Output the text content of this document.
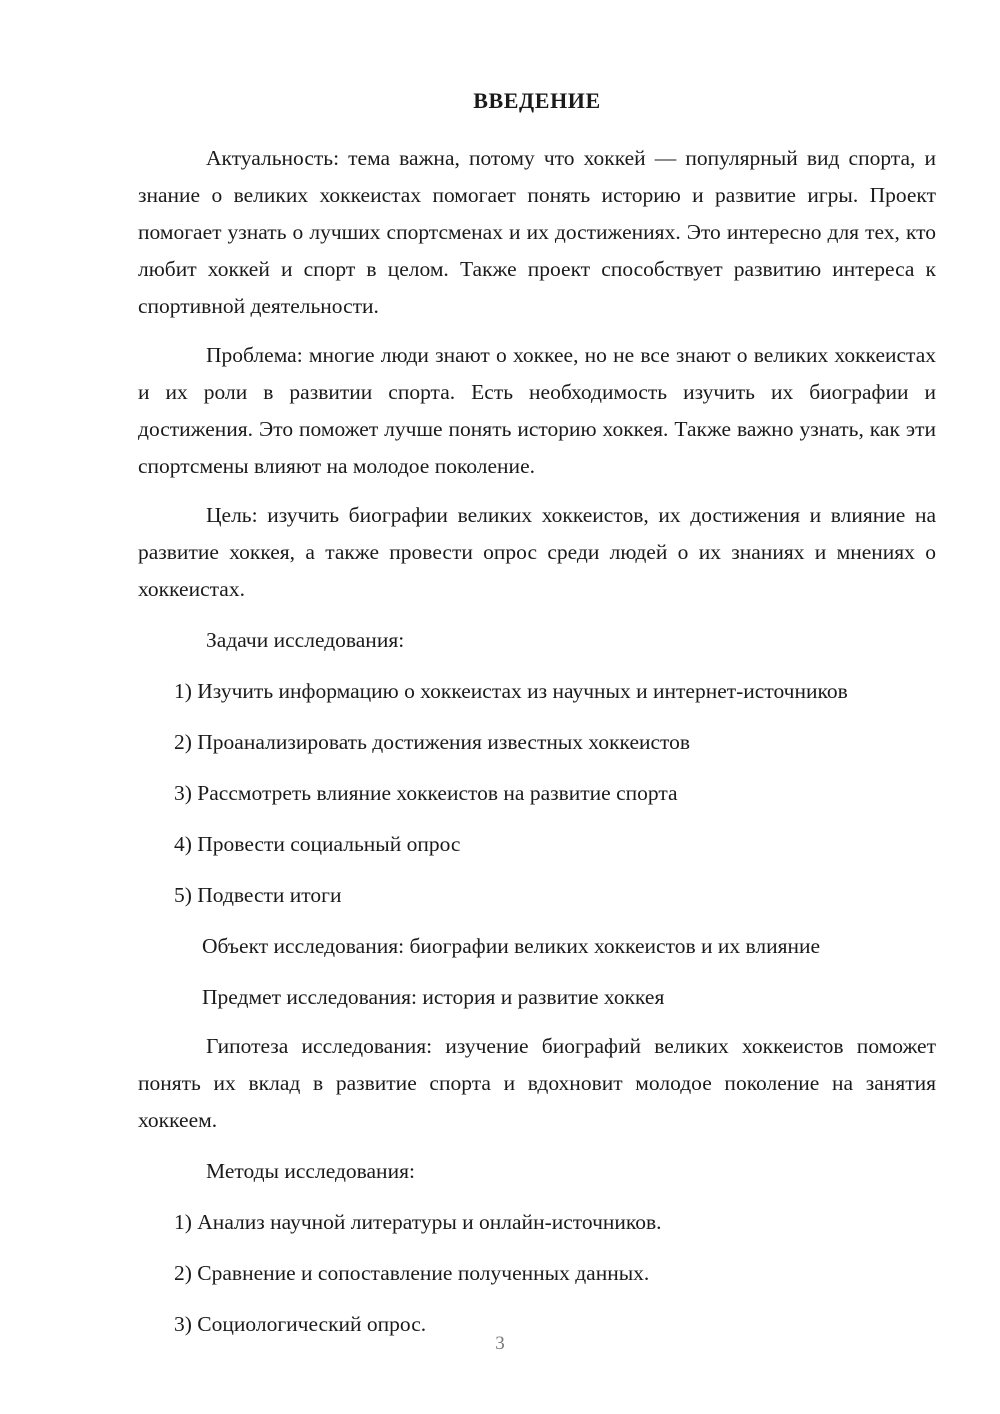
ВВЕДЕНИЕ

Актуальность: тема важна, потому что хоккей — популярный вид спорта, и знание о великих хоккеистах помогает понять историю и развитие игры. Проект помогает узнать о лучших спортсменах и их достижениях. Это интересно для тех, кто любит хоккей и спорт в целом. Также проект способствует развитию интереса к спортивной деятельности.

Проблема: многие люди знают о хоккее, но не все знают о великих хоккеистах и их роли в развитии спорта. Есть необходимость изучить их биографии и достижения. Это поможет лучше понять историю хоккея. Также важно узнать, как эти спортсмены влияют на молодое поколение.

Цель: изучить биографии великих хоккеистов, их достижения и влияние на развитие хоккея, а также провести опрос среди людей о их знаниях и мнениях о хоккеистах.

Задачи исследования:

1) Изучить информацию о хоккеистах из научных и интернет-источников

2) Проанализировать достижения известных хоккеистов

3) Рассмотреть влияние хоккеистов на развитие спорта

4) Провести социальный опрос

5) Подвести итоги

Объект исследования: биографии великих хоккеистов и их влияние

Предмет исследования: история и развитие хоккея

Гипотеза исследования: изучение биографий великих хоккеистов поможет понять их вклад в развитие спорта и вдохновит молодое поколение на занятия хоккеем.

Методы исследования:

1) Анализ научной литературы и онлайн-источников.

2) Сравнение и сопоставление полученных данных.

3) Социологический опрос.

3
